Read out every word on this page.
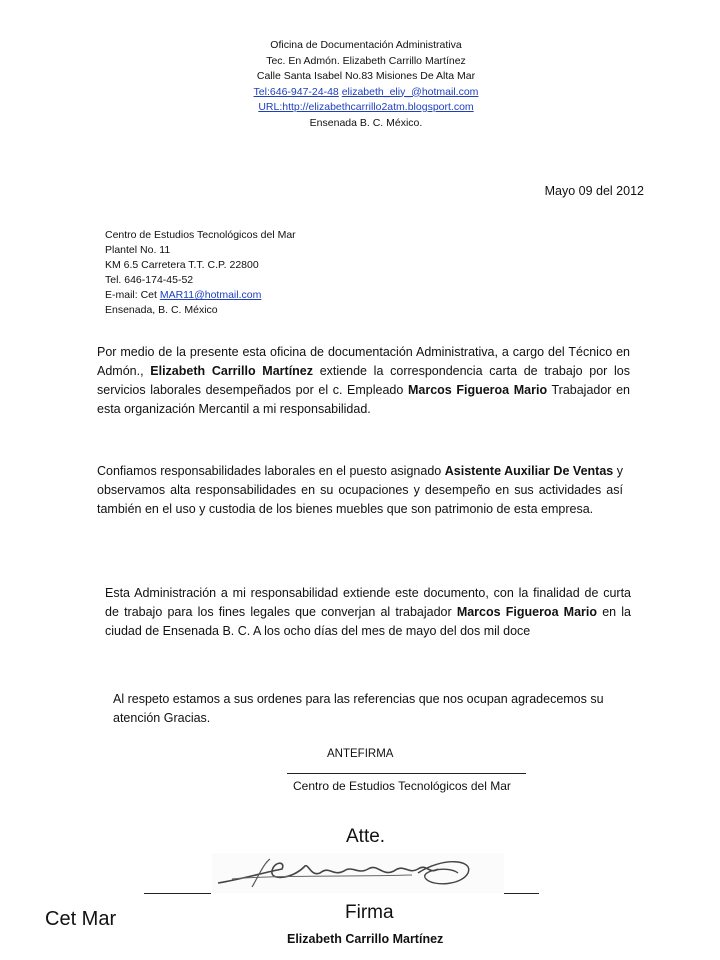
Oficina de Documentación Administrativa
Tec. En Admón. Elizabeth Carrillo Martínez
Calle Santa Isabel No.83 Misiones De Alta Mar
Tel:646-947-24-48 elizabeth_eliy_@hotmail.com
URL:http://elizabethcarrillo2atm.blogsport.com
Ensenada B. C. México.
Mayo 09 del 2012
Centro de Estudios Tecnológicos del Mar
Plantel No. 11
KM 6.5 Carretera T.T. C.P. 22800
Tel. 646-174-45-52
E-mail: Cet MAR11@hotmail.com
Ensenada, B. C. México
Por medio de la presente esta oficina de documentación Administrativa, a cargo del Técnico en Admón., Elizabeth Carrillo Martínez extiende la correspondencia carta de trabajo por los servicios laborales desempeñados por el c. Empleado Marcos Figueroa Mario Trabajador en esta organización Mercantil a mi responsabilidad.
Confiamos responsabilidades laborales en el puesto asignado Asistente Auxiliar De Ventas y observamos alta responsabilidades en su ocupaciones y desempeño en sus actividades así también en el uso y custodia de los bienes muebles que son patrimonio de esta empresa.
Esta Administración a mi responsabilidad extiende este documento, con la finalidad de curta de trabajo para los fines legales que converjan al trabajador Marcos Figueroa Mario en la ciudad de Ensenada B. C. A los ocho días del mes de mayo del dos mil doce
Al respeto estamos a sus ordenes para las referencias que nos ocupan agradecemos su atención Gracias.
ANTEFIRMA
Centro de Estudios Tecnológicos del Mar
Atte.
Firma
Cet Mar
Elizabeth Carrillo Martínez
